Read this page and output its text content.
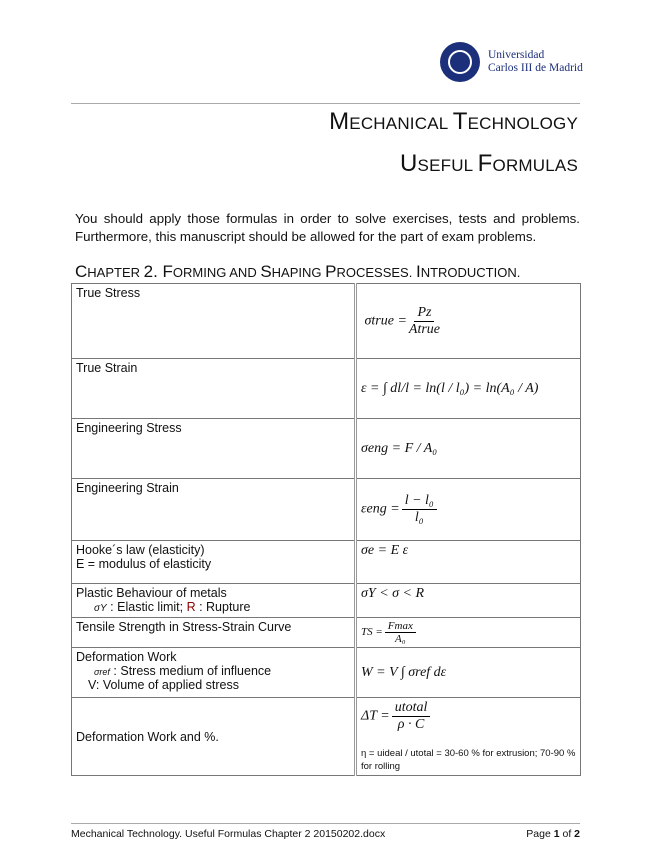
Universidad
Carlos III de Madrid
MECHANICAL TECHNOLOGY
USEFUL FORMULAS
You should apply those formulas in order to solve exercises, tests and problems. Furthermore, this manuscript should be allowed for the part of exam problems.
CHAPTER 2. FORMING AND SHAPING PROCESSES. INTRODUCTION.
True Stress	σtrue = $\frac{Pz}{\text{Atrue}}$

True Strain	ε = ∫ dl/l = ln(l / l₀) = ln(A₀ / A)
Engineering Stress	σeng = F / A₀
Engineering Strain	$\varepsilon eng = \frac{\text{l − l₀}}{\text{l₀}}$

Hooke´s law (elasticity)
E = modulus of elasticity	σe = E ε

Plastic Behaviour of metals
σY : Elastic limit; R : Rupture	σY < σ < R
Tensile Strength in Stress-Strain Curve	TS = $\frac{Fmax}{\text{A₀}}$

Deformation Work
σref : Stress medium of influence
V: Volume of applied stress	W = V ∫ σref dε
Deformation Work and %.	$\Delta T = \frac{\text{utotal}}{\rho \cdot C}$
η = uideal / utotal = 30-60 % for extrusion; 70-90 % for rolling
Mechanical Technology. Useful Formulas Chapter 2 20150202.docx	Page 1 of 2
